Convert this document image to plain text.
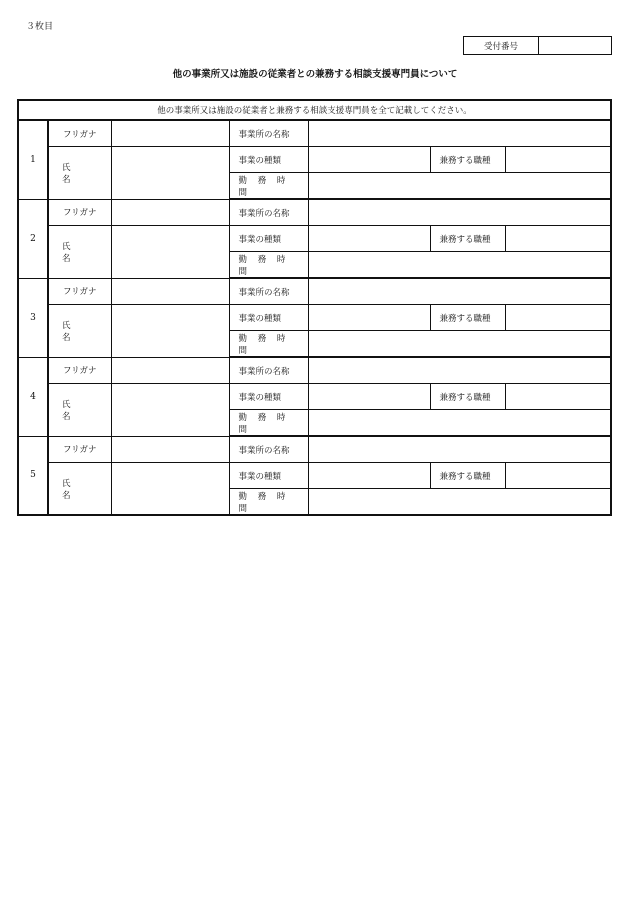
３枚目
受付番号
他の事業所又は施設の従業者との兼務する相談支援専門員について
他の事業所又は施設の従業者と兼務する相談支援専門員を全て記載してください。						
1	フリガナ		事業所の名称			
	氏　名		事業の種類		兼務する職種	
			勤 務 時 間			
2	フリガナ		事業所の名称			
	氏　名		事業の種類		兼務する職種	
			勤 務 時 間			
3	フリガナ		事業所の名称			
	氏　名		事業の種類		兼務する職種	
			勤 務 時 間			
4	フリガナ		事業所の名称			
	氏　名		事業の種類		兼務する職種	
			勤 務 時 間			
5	フリガナ		事業所の名称			
	氏　名		事業の種類		兼務する職種	
			勤 務 時 間			
